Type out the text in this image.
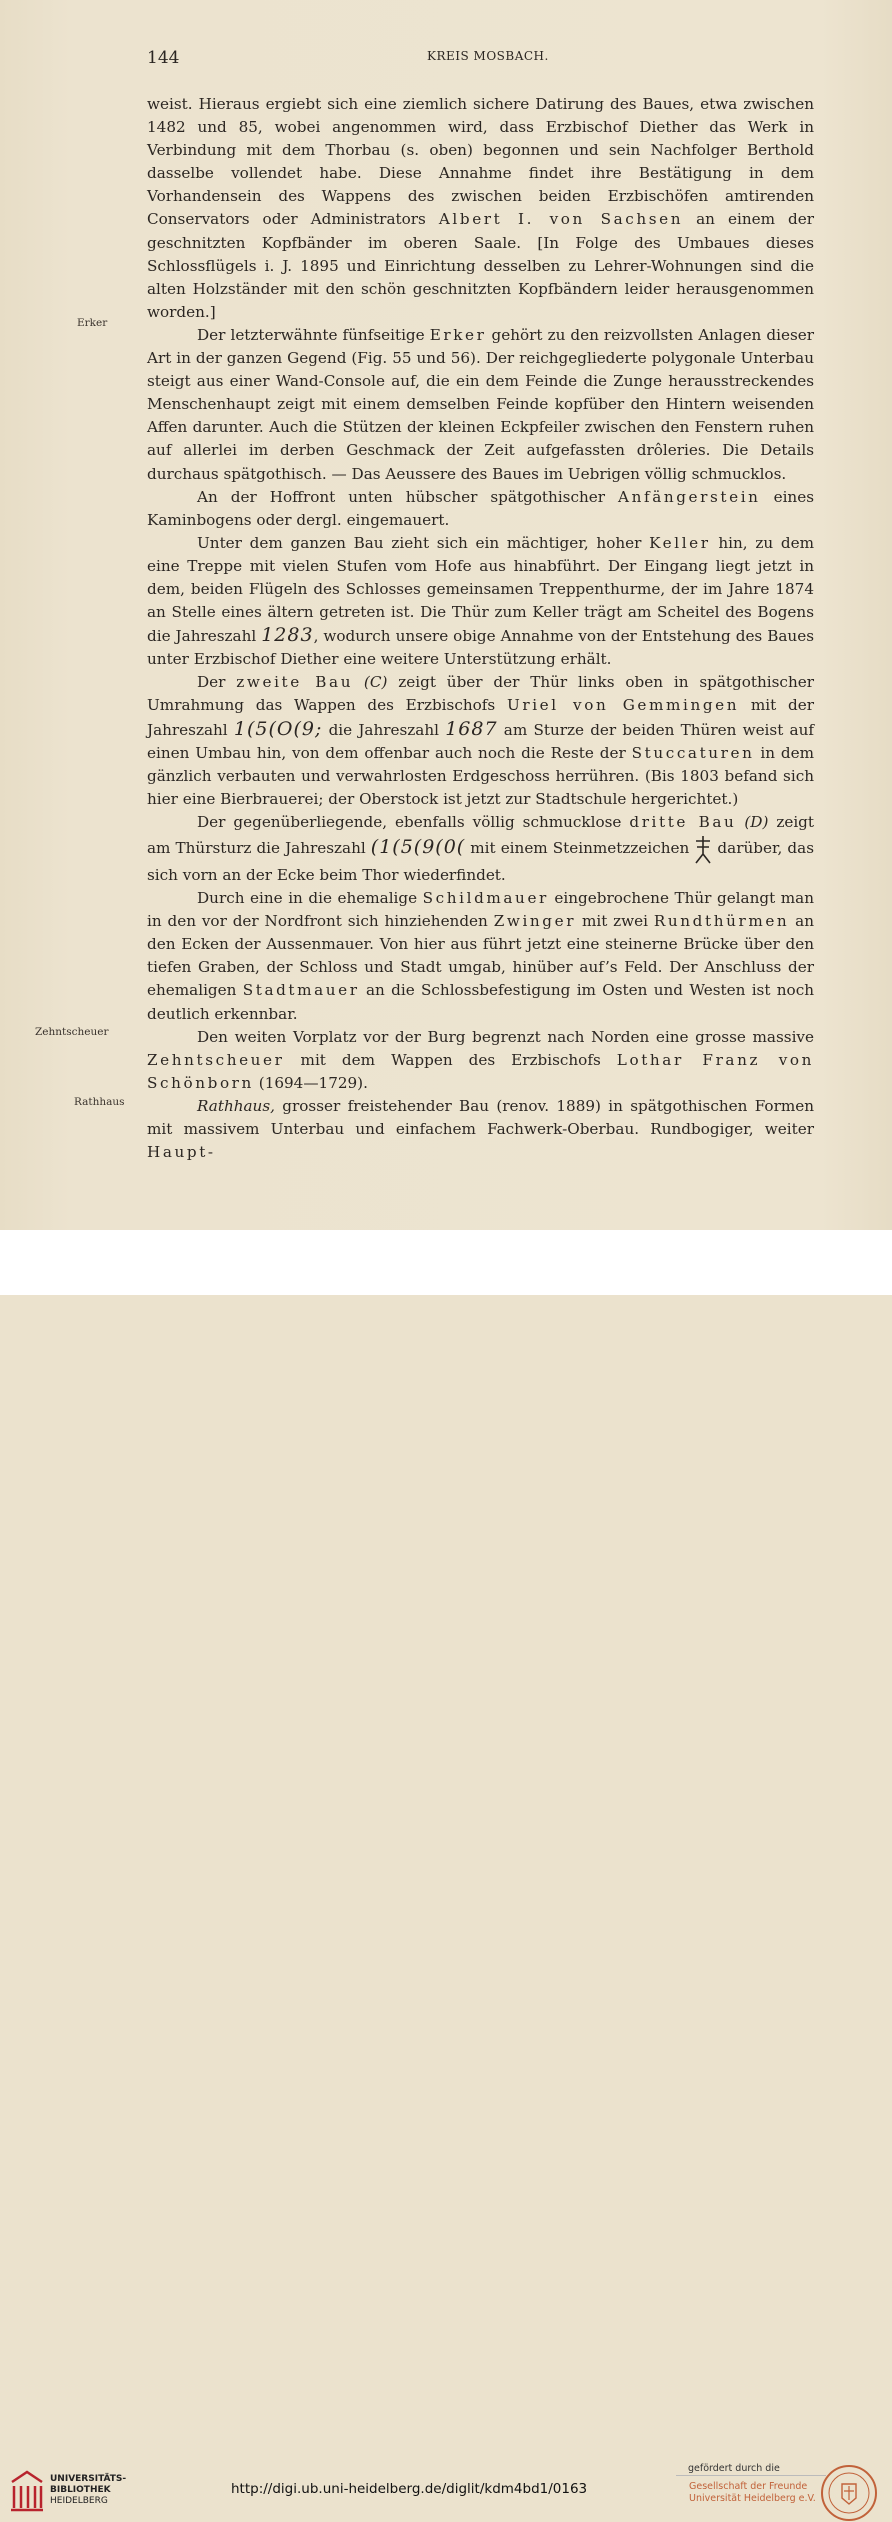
144	KREIS MOSBACH.
Erker
Zehntscheuer
Rathhaus

weist. Hieraus ergiebt sich eine ziemlich sichere Datirung des Baues, etwa zwischen 1482 und 85, wobei angenommen wird, dass Erzbischof Diether das Werk in Verbindung mit dem Thorbau (s. oben) begonnen und sein Nachfolger Berthold dasselbe vollendet habe. Diese Annahme findet ihre Bestätigung in dem Vorhandensein des Wappens des zwischen beiden Erzbischöfen amtirenden Conservators oder Administrators Albert I. von Sachsen an einem der geschnitzten Kopfbänder im oberen Saale. [In Folge des Umbaues dieses Schlossflügels i. J. 1895 und Einrichtung desselben zu Lehrer-Wohnungen sind die alten Holzständer mit den schön geschnitzten Kopfbändern leider herausgenommen worden.]

Der letzterwähnte fünfseitige Erker gehört zu den reizvollsten Anlagen dieser Art in der ganzen Gegend (Fig. 55 und 56). Der reichgegliederte polygonale Unterbau steigt aus einer Wand-Console auf, die ein dem Feinde die Zunge herausstreckendes Menschenhaupt zeigt mit einem demselben Feinde kopfüber den Hintern weisenden Affen darunter. Auch die Stützen der kleinen Eckpfeiler zwischen den Fenstern ruhen auf allerlei im derben Geschmack der Zeit aufgefassten drôleries. Die Details durchaus spätgothisch. — Das Aeussere des Baues im Uebrigen völlig schmucklos.

An der Hoffront unten hübscher spätgothischer Anfängerstein eines Kaminbogens oder dergl. eingemauert.

Unter dem ganzen Bau zieht sich ein mächtiger, hoher Keller hin, zu dem eine Treppe mit vielen Stufen vom Hofe aus hinabführt. Der Eingang liegt jetzt in dem, beiden Flügeln des Schlosses gemeinsamen Treppenthurme, der im Jahre 1874 an Stelle eines ältern getreten ist. Die Thür zum Keller trägt am Scheitel des Bogens die Jahreszahl 1283, wodurch unsere obige Annahme von der Entstehung des Baues unter Erzbischof Diether eine weitere Unterstützung erhält.

Der zweite Bau (C) zeigt über der Thür links oben in spätgothischer Umrahmung das Wappen des Erzbischofs Uriel von Gemmingen mit der Jahreszahl 1(5(O(9; die Jahreszahl 1687 am Sturze der beiden Thüren weist auf einen Umbau hin, von dem offenbar auch noch die Reste der Stuccaturen in dem gänzlich verbauten und verwahrlosten Erdgeschoss herrühren. (Bis 1803 befand sich hier eine Bierbrauerei; der Oberstock ist jetzt zur Stadtschule hergerichtet.)

Der gegenüberliegende, ebenfalls völlig schmucklose dritte Bau (D) zeigt am Thürsturz die Jahreszahl (1(5(9(0( mit einem Steinmetzzeichen  darüber, das sich vorn an der Ecke beim Thor wiederfindet.

Durch eine in die ehemalige Schildmauer eingebrochene Thür gelangt man in den vor der Nordfront sich hinziehenden Zwinger mit zwei Rundthürmen an den Ecken der Aussenmauer. Von hier aus führt jetzt eine steinerne Brücke über den tiefen Graben, der Schloss und Stadt umgab, hinüber auf’s Feld. Der Anschluss der ehemaligen Stadtmauer an die Schlossbefestigung im Osten und Westen ist noch deutlich erkennbar.

Den weiten Vorplatz vor der Burg begrenzt nach Norden eine grosse massive Zehntscheuer mit dem Wappen des Erzbischofs Lothar Franz von Schönborn (1694—1729).

Rathhaus, grosser freistehender Bau (renov. 1889) in spätgothischen Formen mit massivem Unterbau und einfachem Fachwerk-Oberbau. Rundbogiger, weiter Haupt-

UNIVERSITÄTS-
BIBLIOTHEK
HEIDELBERG
http://digi.ub.uni-heidelberg.de/diglit/kdm4bd1/0163
gefördert durch die
Gesellschaft der Freunde
Universität Heidelberg e.V.
